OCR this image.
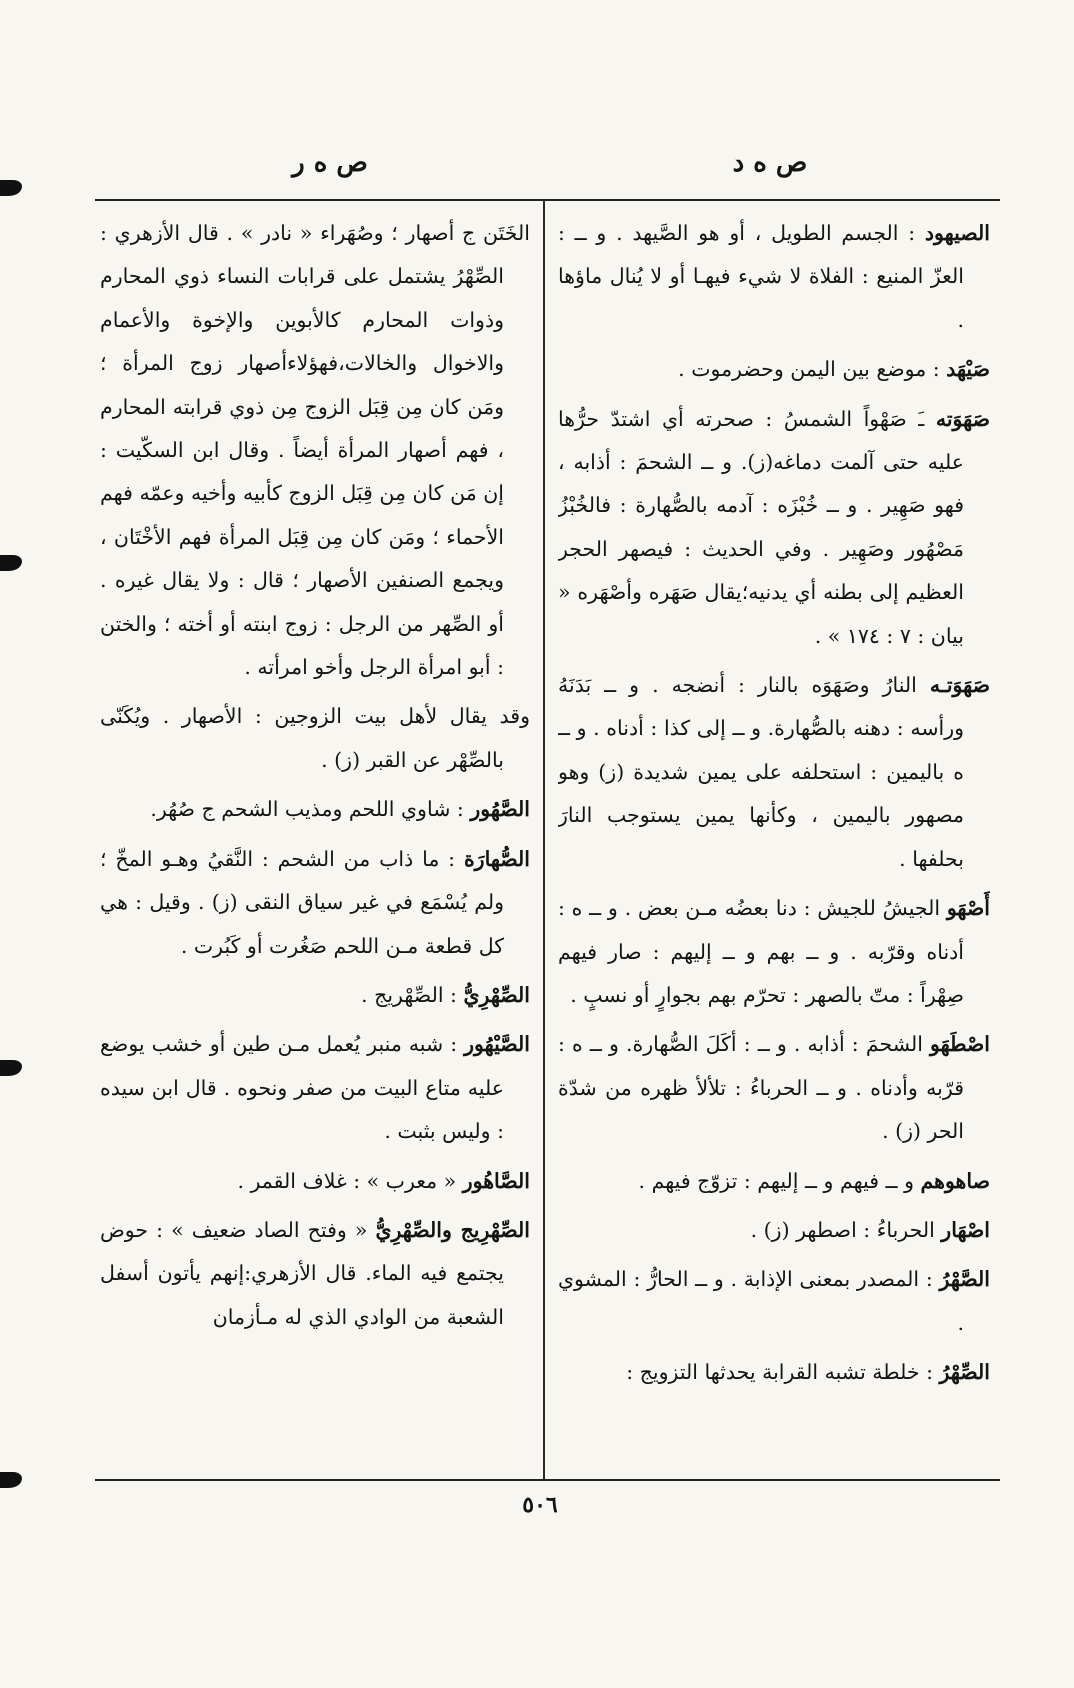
ص ه د
ص ه ر

الصيهود : الجسم الطويل ، أو هو الصَّيهد . و ــ : العزّ المنيع : الفلاة لا شيء فيهـا أو لا يُنال ماؤها .

صَيْهَد : موضع بين اليمن وحضرموت .

صَهَوَته ـَ صَهْواً الشمسُ : صحرته أي اشتدّ حرُّها عليه حتى آلمت دماغه(ز). و ــ الشحمَ : أذابه ، فهو صَهِير . و ــ خُبْزَه : آدمه بالصُّهارة : فالخُبْزُ مَصْهُور وصَهِير . وفي الحديث : فيصهر الحجر العظيم إلى بطنه أي يدنيه؛يقال صَهَره وأصْهَره « بيان : ٧ : ١٧٤ » .

صَهَوَتـه النارُ وصَهَوَه بالنار : أنضجه . و ــ بَدَنَهُ ورأسه : دهنه بالصُّهارة. و ــ إلى كذا : أدناه . و ــ ه باليمين : استحلفه على يمين شديدة (ز) وهو مصهور باليمين ، وكأنها يمين يستوجب النارَ بحلفها .

أَصْهَو الجيشُ للجيش : دنا بعضُه مـن بعض . و ــ ه : أدناه وقرّبه . و ــ بهم و ــ إليهم : صار فيهم صِهْراً : متّ بالصهر : تحرّم بهم بجوارٍ أو نسبٍ .

اصْطَهَو الشحمَ : أذابه . و ــ : أكَلَ الصُّهارة. و ــ ه : قرّبه وأدناه . و ــ الحرباءُ : تلألأ ظهره من شدّة الحر (ز) .

صاهوهم و ــ فيهم و ــ إليهم : تزوّج فيهم .

اصْهَار الحرباءُ : اصطهر (ز) .

الصَّهْرُ : المصدر بمعنى الإذابة . و ــ الحارُّ : المشوي .

الصِّهْرُ : خلطة تشبه القرابة يحدثها التزويج :

الخَتَن ج أصهار ؛ وصُهَراء « نادر » . قال الأزهري : الصِّهْرُ يشتمل على قرابات النساء ذوي المحارم وذوات المحارم كالأبوين والإخوة والأعمام والاخوال والخالات،فهؤلاءأصهار زوج المرأة ؛ ومَن كان مِن قِبَل الزوج مِن ذوي قرابته المحارم ، فهم أصهار المرأة أيضاً . وقال ابن السكّيت : إن مَن كان مِن قِبَل الزوج كأبيه وأخيه وعمّه فهم الأحماء ؛ ومَن كان مِن قِبَل المرأة فهم الأخْتَان ، ويجمع الصنفين الأصهار ؛ قال : ولا يقال غيره . أو الصِّهر من الرجل : زوج ابنته أو أخته ؛ والختن : أبو امرأة الرجل وأخو امرأته .

وقد يقال لأهل بيت الزوجين : الأصهار . ويُكَنّى بالصِّهْر عن القبر (ز) .

الصَّهُور : شاوي اللحم ومذيب الشحم ج صُهُر.

الصُّهارَة : ما ذاب من الشحم : النَّقيُ وهـو المخّ ؛ ولم يُسْمَع في غير سياق النقى (ز) . وقيل : هي كل قطعة مـن اللحم صَغُرت أو كَبُرت .

الصِّهْرِيُّ : الصِّهْريج .

الصَّيْهُور : شبه منبر يُعمل مـن طين أو خشب يوضع عليه متاع البيت من صفر ونحوه . قال ابن سيده : وليس بثبت .

الصَّاهُور « معرب » : غلاف القمر .

الصِّهْرِيج والصِّهْرِيُّ « وفتح الصاد ضعيف » : حوض يجتمع فيه الماء. قال الأزهري:إنهم يأتون أسفل الشعبة من الوادي الذي له مـأزمان

٥٠٦
